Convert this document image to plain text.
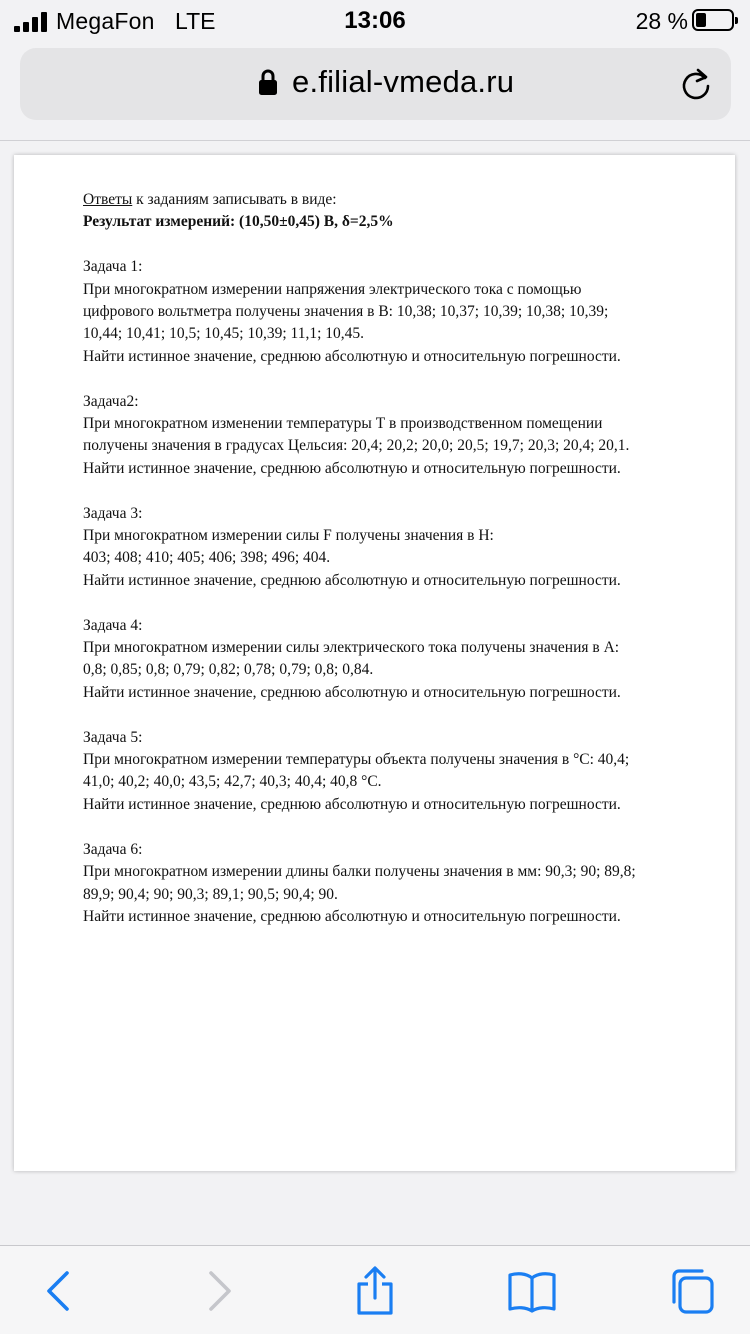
MegaFon LTE	13:06	28 %
e.filial-vmeda.ru
Ответы к заданиям записывать в виде:
Результат измерений: (10,50±0,45) В, δ=2,5%
Задача 1:
При многократном измерении напряжения электрического тока с помощью
цифрового вольтметра получены значения в В: 10,38; 10,37; 10,39; 10,38; 10,39;
10,44; 10,41; 10,5; 10,45; 10,39; 11,1; 10,45.
Найти истинное значение, среднюю абсолютную и относительную погрешности.
Задача2:
При многократном изменении температуры Т в производственном помещении
получены значения в градусах Цельсия: 20,4; 20,2; 20,0; 20,5; 19,7; 20,3; 20,4; 20,1.
Найти истинное значение, среднюю абсолютную и относительную погрешности.
Задача 3:
При многократном измерении силы F получены значения в Н:
403; 408; 410; 405; 406; 398; 496; 404.
Найти истинное значение, среднюю абсолютную и относительную погрешности.
Задача 4:
При многократном измерении силы электрического тока получены значения в А:
0,8; 0,85; 0,8; 0,79; 0,82; 0,78; 0,79; 0,8; 0,84.
Найти истинное значение, среднюю абсолютную и относительную погрешности.
Задача 5:
При многократном измерении температуры объекта получены значения в °С: 40,4;
41,0; 40,2; 40,0; 43,5; 42,7; 40,3; 40,4; 40,8 °С.
Найти истинное значение, среднюю абсолютную и относительную погрешности.
Задача 6:
При многократном измерении длины балки получены значения в мм: 90,3; 90; 89,8;
89,9; 90,4; 90; 90,3; 89,1; 90,5; 90,4; 90.
Найти истинное значение, среднюю абсолютную и относительную погрешности.
